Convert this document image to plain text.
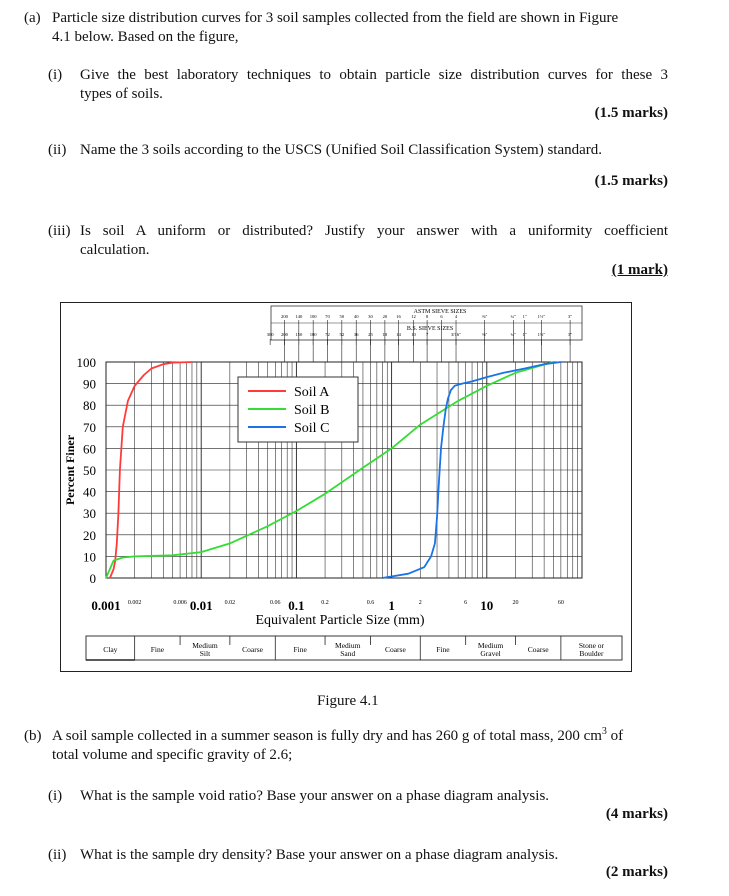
(a) Particle size distribution curves for 3 soil samples collected from the field are shown in Figure
4.1 below. Based on the figure,
(i) Give the best laboratory techniques to obtain particle size distribution curves for these 3
types of soils.
(1.5 marks)
(ii) Name the 3 soils according to the USCS (Unified Soil Classification System) standard.
(1.5 marks)
(iii) Is soil A uniform or distributed? Justify your answer with a uniformity coefficient
calculation.
(1 mark)
ASTM SIEVE SIZES
B.S. SIEVE SIZES
200 140 100 70 50 40 30 20 16 12 8	6	4	⅜"	¾" 1" 1½"	3"
300 200 150 100 72 52 36 25 18 14 10 7	3̄/16"	⅜"	¾" 1" 1½"	3"
0
10
20
30
40
50
60
70
80
90
100
0.001	0.01	0.1	1	10
0.002	0.006	0.02	0.06	0.2	0.6	2	6	20	60
Soil A
Soil B
Soil C
Equivalent Particle Size (mm)
Percent Finer
Clay	Fine	Medium
Silt	Coarse	Fine	Medium
Sand	Coarse	Fine	Medium
Gravel	Coarse	Stone or
Boulder
Figure 4.1
(b) A soil sample collected in a summer season is fully dry and has 260 g of total mass, 200 $cm^3$ of
total volume and specific gravity of 2.6;
(i) What is the sample void ratio? Base your answer on a phase diagram analysis.
(4 marks)
(ii) What is the sample dry density? Base your answer on a phase diagram analysis.
(2 marks)
